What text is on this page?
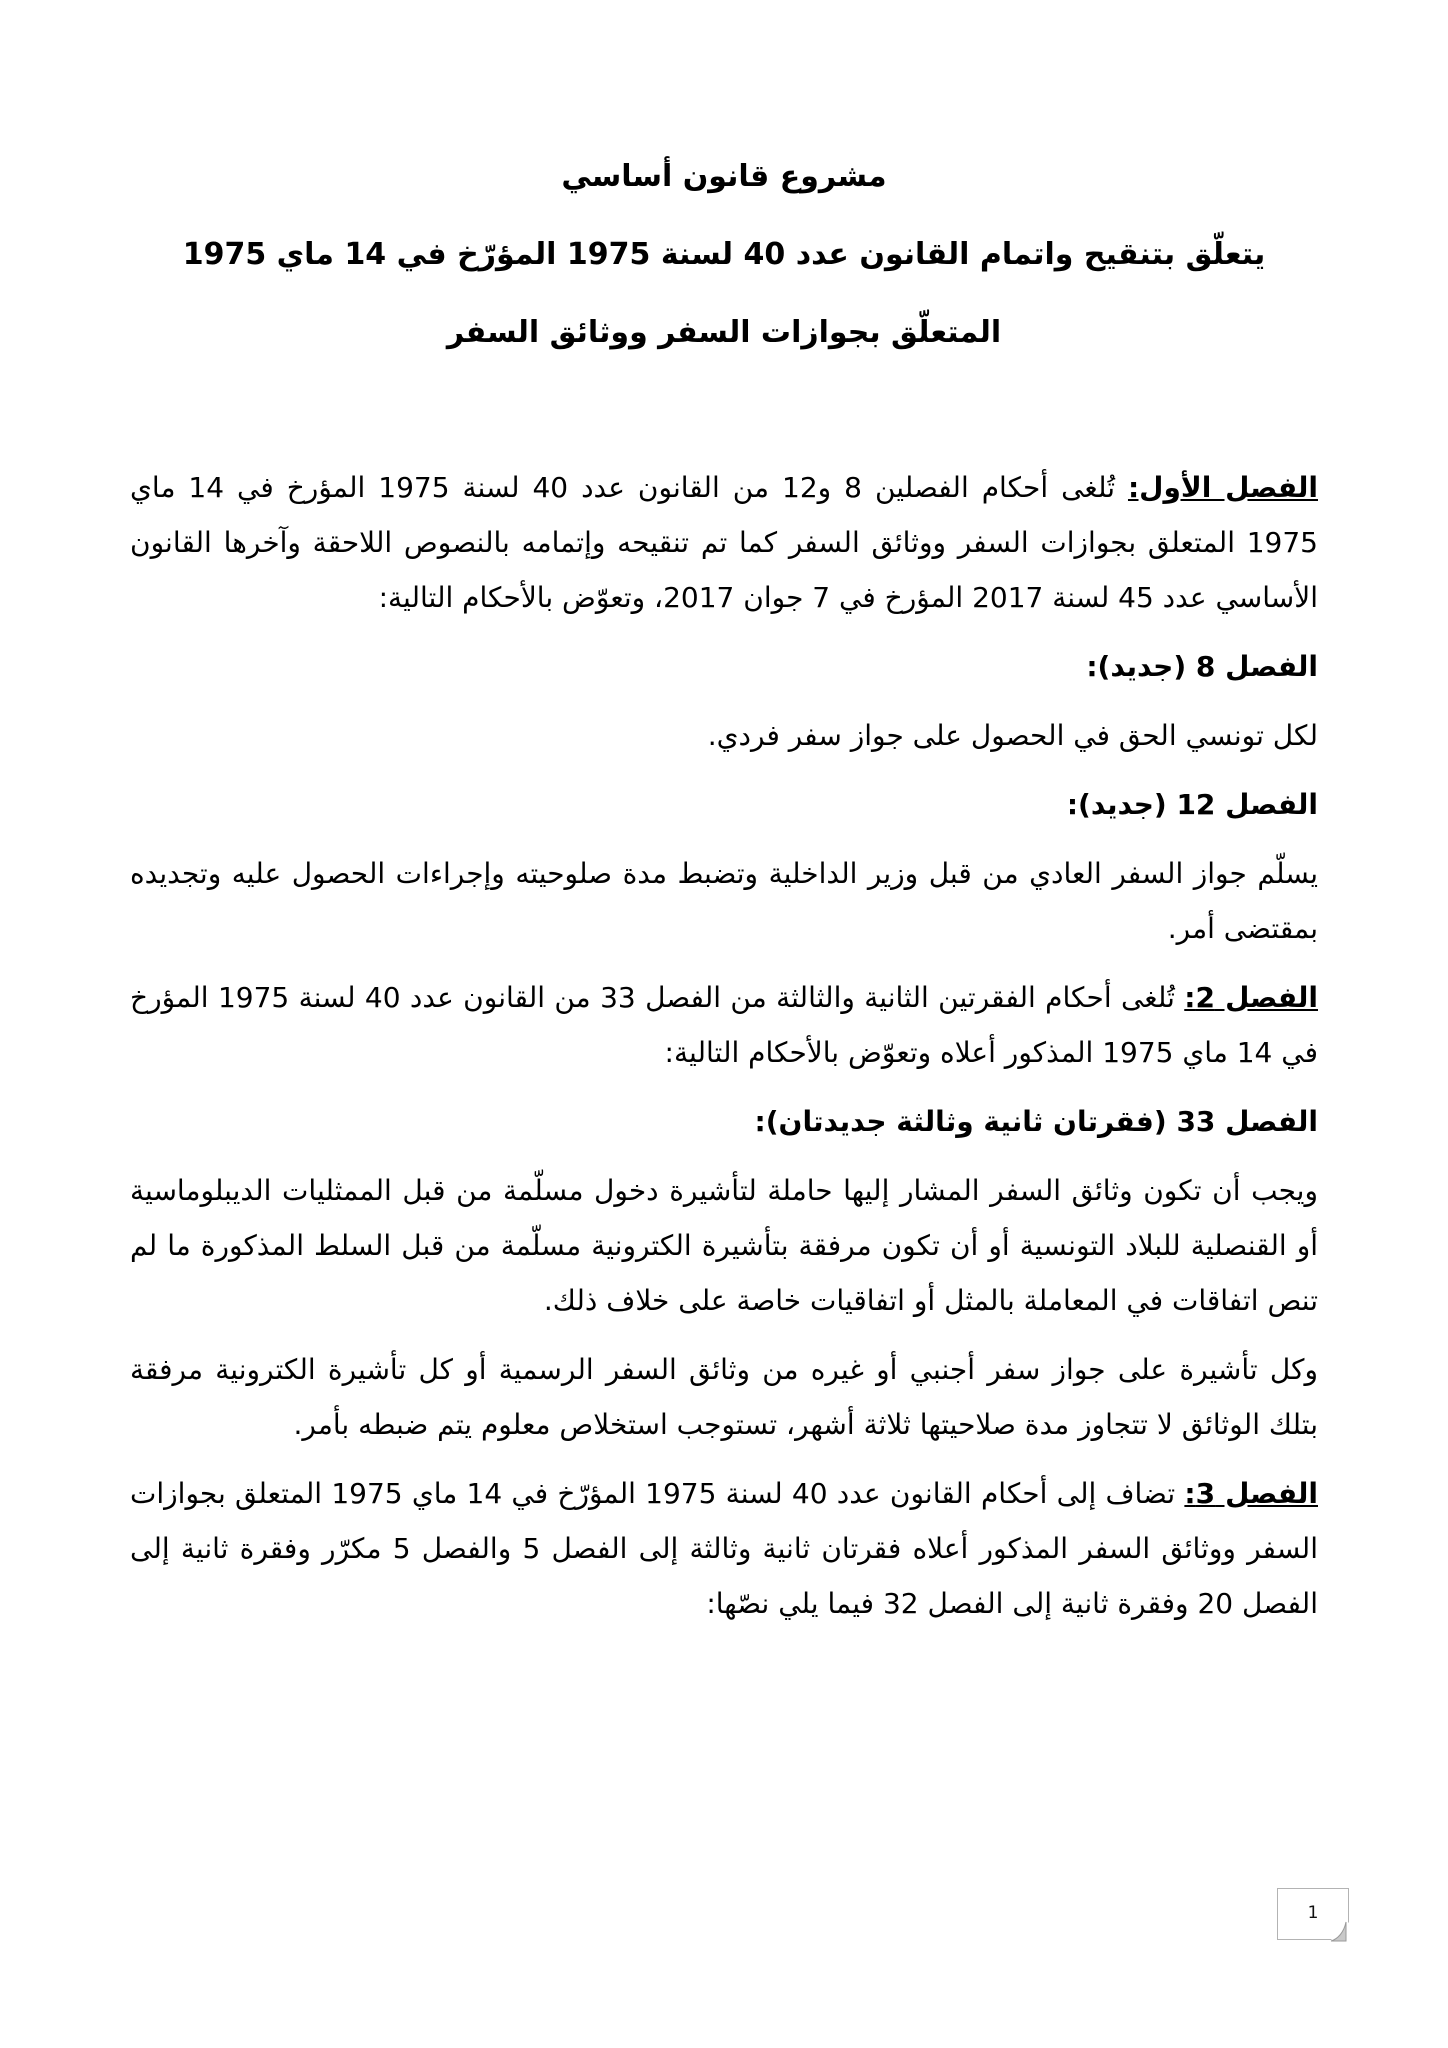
مشروع قانون أساسي
يتعلّق بتنقيح واتمام القانون عدد 40 لسنة 1975 المؤرّخ في 14 ماي 1975
المتعلّق بجوازات السفر ووثائق السفر

الفصل الأول: تُلغى أحكام الفصلين 8 و12 من القانون عدد 40 لسنة 1975 المؤرخ في 14 ماي 1975 المتعلق بجوازات السفر ووثائق السفر كما تم تنقيحه وإتمامه بالنصوص اللاحقة وآخرها القانون الأساسي عدد 45 لسنة 2017 المؤرخ في 7 جوان 2017، وتعوّض بالأحكام التالية:

الفصل 8 (جديد):

لكل تونسي الحق في الحصول على جواز سفر فردي.

الفصل 12 (جديد):

يسلّم جواز السفر العادي من قبل وزير الداخلية وتضبط مدة صلوحيته وإجراءات الحصول عليه وتجديده بمقتضى أمر.

الفصل 2: تُلغى أحكام الفقرتين الثانية والثالثة من الفصل 33 من القانون عدد 40 لسنة 1975 المؤرخ في 14 ماي 1975 المذكور أعلاه وتعوّض بالأحكام التالية:

الفصل 33 (فقرتان ثانية وثالثة جديدتان):

ويجب أن تكون وثائق السفر المشار إليها حاملة لتأشيرة دخول مسلّمة من قبل الممثليات الديبلوماسية أو القنصلية للبلاد التونسية أو أن تكون مرفقة بتأشيرة الكترونية مسلّمة من قبل السلط المذكورة ما لم تنص اتفاقات في المعاملة بالمثل أو اتفاقيات خاصة على خلاف ذلك.

وكل تأشيرة على جواز سفر أجنبي أو غيره من وثائق السفر الرسمية أو كل تأشيرة الكترونية مرفقة بتلك الوثائق لا تتجاوز مدة صلاحيتها ثلاثة أشهر، تستوجب استخلاص معلوم يتم ضبطه بأمر.

الفصل 3: تضاف إلى أحكام القانون عدد 40 لسنة 1975 المؤرّخ في 14 ماي 1975 المتعلق بجوازات السفر ووثائق السفر المذكور أعلاه فقرتان ثانية وثالثة إلى الفصل 5 والفصل 5 مكرّر وفقرة ثانية إلى الفصل 20 وفقرة ثانية إلى الفصل 32 فيما يلي نصّها:

1
